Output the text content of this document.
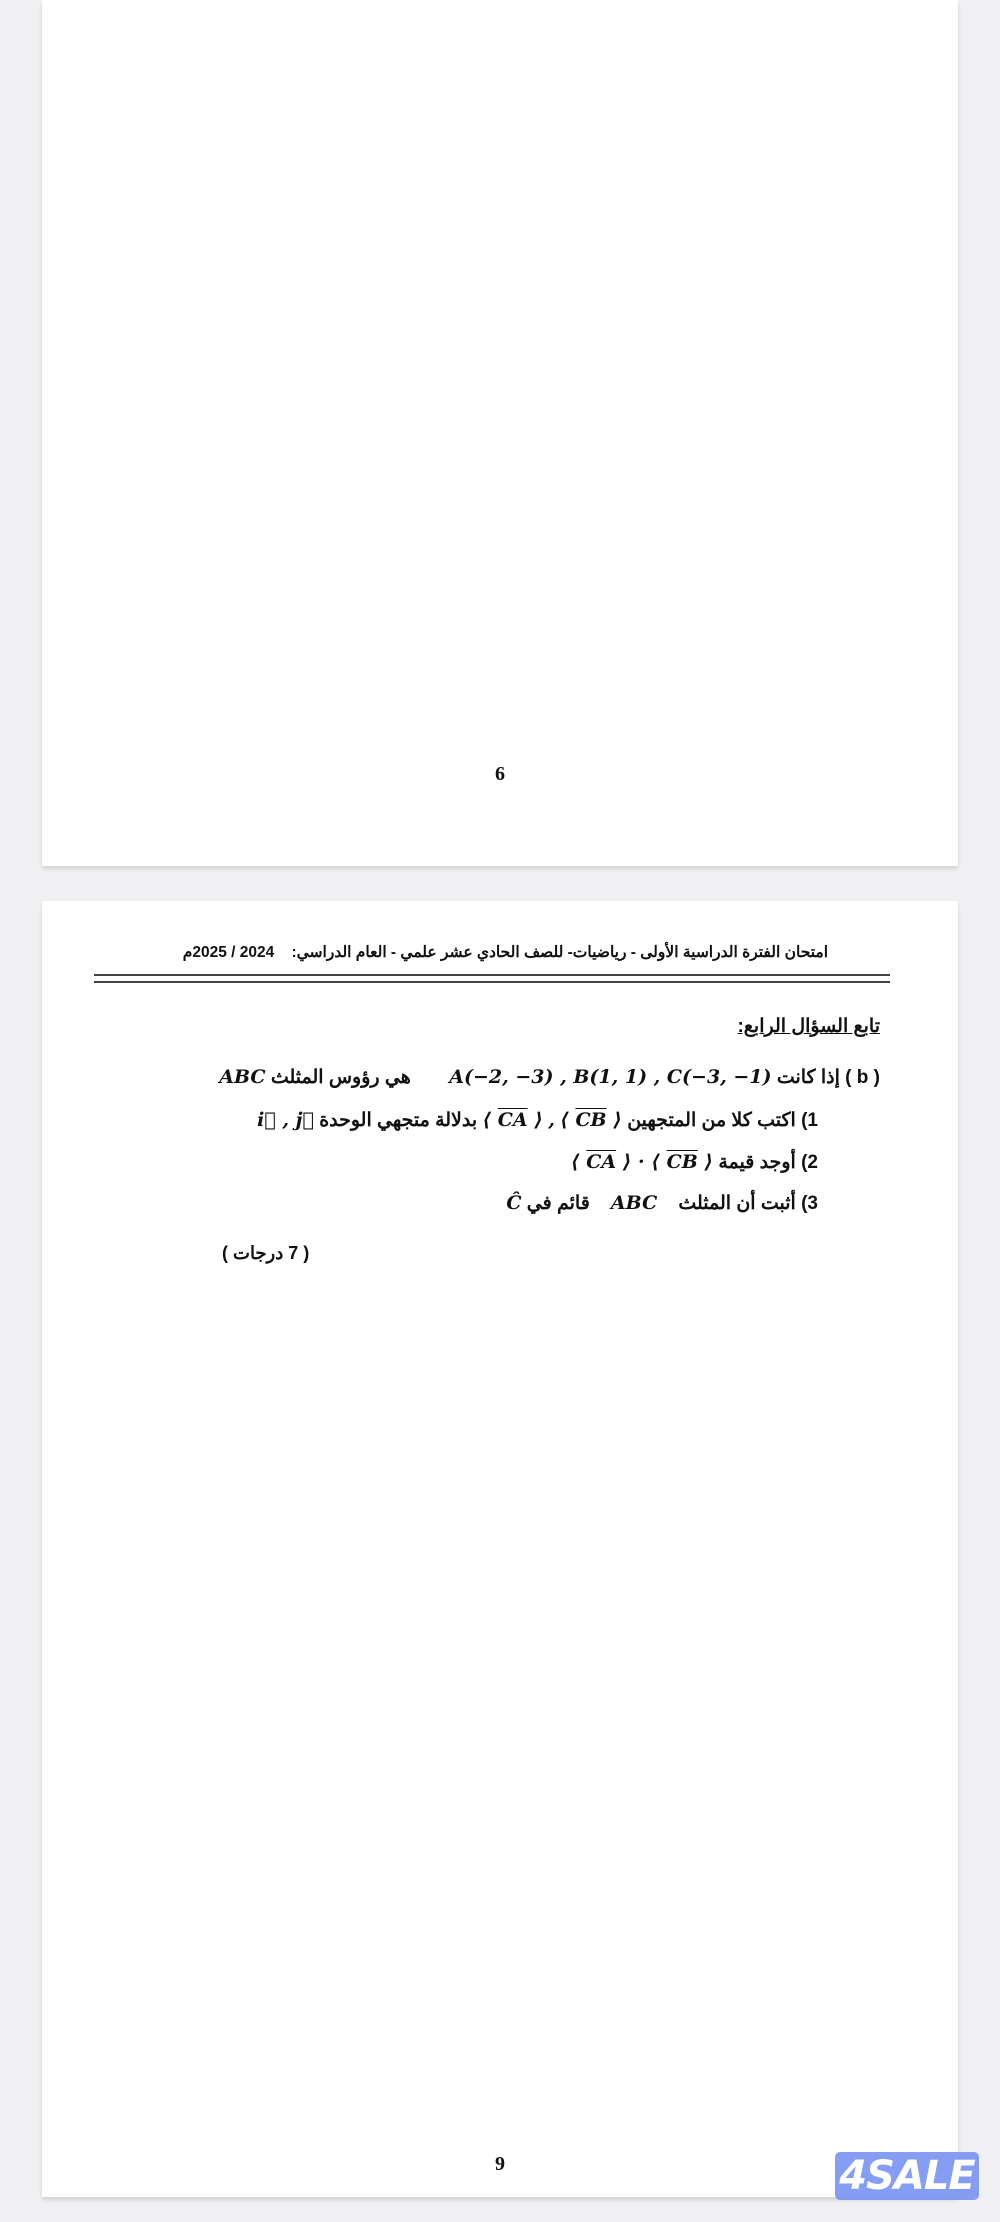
6
امتحان الفترة الدراسية الأولى - رياضيات- للصف الحادي عشر علمي - العام الدراسي:    2024 / 2025م
تابع السؤال الرابع:
( b ) إذا كانت A(−2, −3) , B(1, 1) , C(−3, −1)  هي رؤوس المثلث ABC
1) اكتب كلا من المتجهين ⟨ $\overline{CB}$ ⟩ , ⟨ $\overline{CA}$ ⟩ بدلالة متجهي الوحدة i⃗ , j⃗
2) أوجد قيمة ⟨ $\overline{CA}$ ⟩ · ⟨ $\overline{CB}$ ⟩
3) أثبت أن المثلث    ABC    قائم في Ĉ
( 7 درجات )
9	4SALE
